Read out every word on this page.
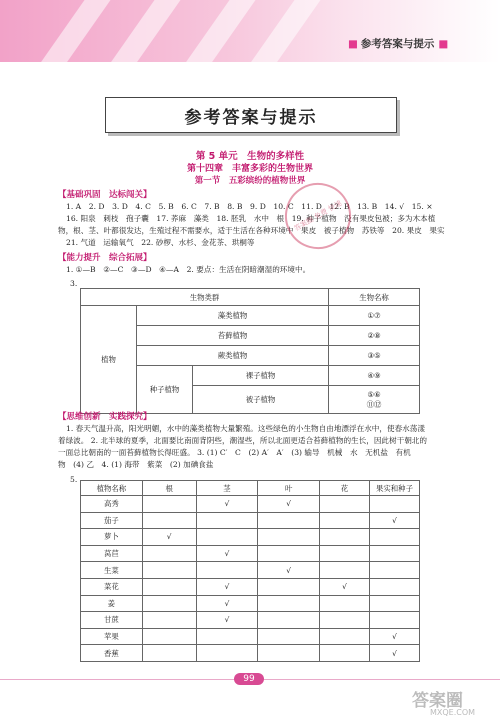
■ 参考答案与提示 ■
参考答案与提示
第 5 单元　生物的多样性
第十四章　丰富多彩的生物世界
第一节　五彩缤纷的植物世界
【基础巩固　达标闯关】
1. A　2. D　3. D　4. C　5. B　6. C　7. B　8. B　9. D　10. C　11. D　12. B　13. B　14. √　15. ×
16. 阳泉　刺枝　孢子囊　17. 荞麻　藻类　18. 胚乳　水中　根　19. 种子植物　没有果皮包被；多为木本植
物，根、茎、叶都很发达，生殖过程不需要水，适于生活在各种环境中　果皮　被子植物　苏铁等　20. 果皮　果实
21. 气道　运输氧气　22. 砂椤、水杉、金花茶、珙桐等
【能力提升　综合拓展】
1. ①—B　②—C　③—D　④—A　2. 要点：生活在阴暗潮湿的环境中。
3.
生物类群			生物名称
植物	藻类植物		①⑦
	苔藓植物		②⑧
	蕨类植物		③⑤
	种子植物	裸子植物	④⑨
		被子植物	⑤⑥
⑪⑫
【思维创新　实践探究】
1. 春天气温升高，阳光明媚，水中的藻类植物大量繁殖。这些绿色的小生物自由地漂浮在水中，使春水荡漾
着绿波。 2. 北半球的夏季，北面要比南面背阴些，潮湿些，所以北面更适合苔藓植物的生长，因此树干朝北的
一面总比朝南的一面苔藓植物长得旺盛。 3. (1) C′　C　(2) A′　A′　(3) 输导　机械　水　无机盐　有机
物　(4) 乙　4. (1) 海带　紫菜　(2) 加碘食盐
5.
植物名称	根	茎	叶	花	果实和种子
高秀		√	√		
茄子					√
萝卜	√				
莴苣		√			
生菜			√		
菜花		√		√	
姜		√			
甘蔗		√			
苹果					√
香蕉					√
答案圈 免费 快速
99
答案圈
MXQE.COM
